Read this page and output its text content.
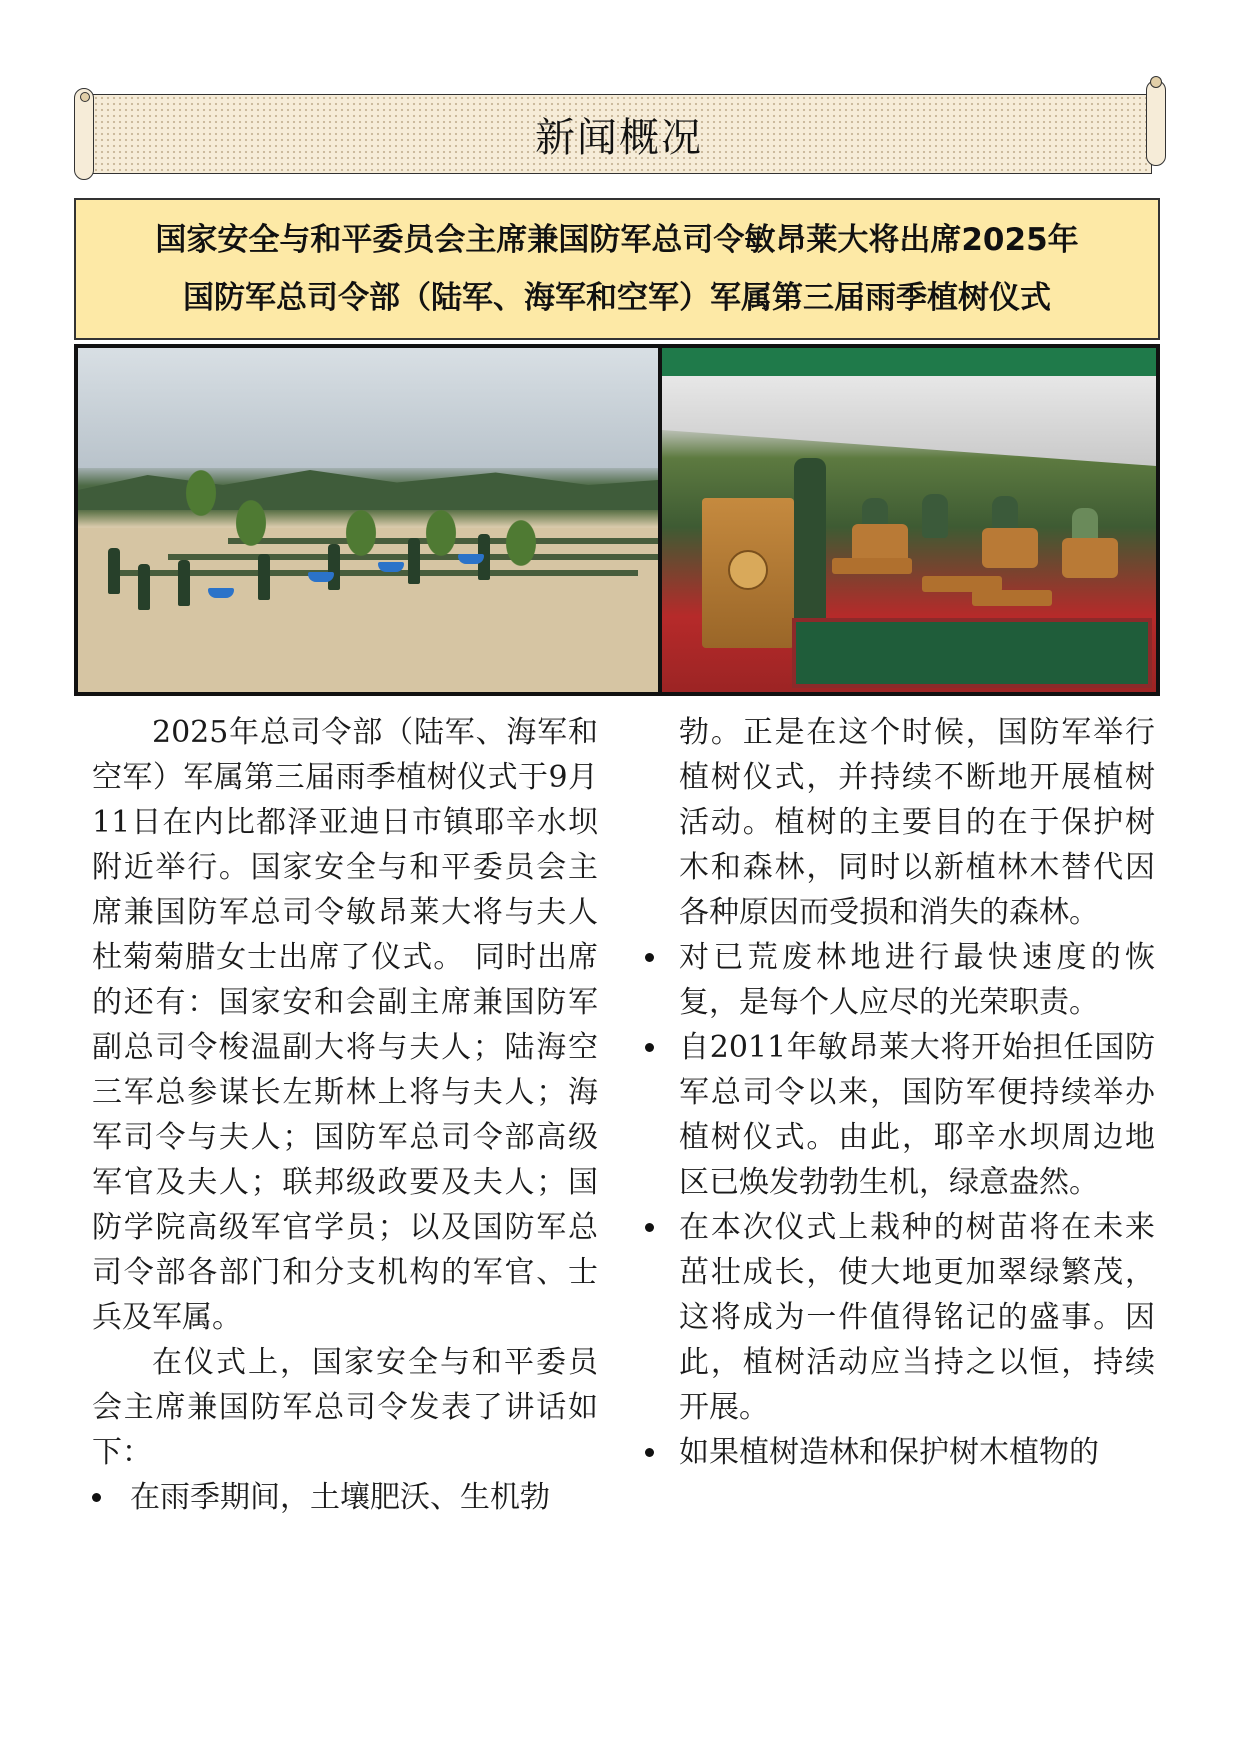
新闻概况
国家安全与和平委员会主席兼国防军总司令敏昂莱大将出席2025年
国防军总司令部（陆军、海军和空军）军属第三届雨季植树仪式

2025年总司令部（陆军、海军和空军）军属第三届雨季植树仪式于9月11日在内比都泽亚迪日市镇耶辛水坝附近举行。国家安全与和平委员会主席兼国防军总司令敏昂莱大将与夫人杜菊菊腊女士出席了仪式。 同时出席的还有：国家安和会副主席兼国防军副总司令梭温副大将与夫人；陆海空三军总参谋长左斯林上将与夫人；海军司令与夫人；国防军总司令部高级军官及夫人；联邦级政要及夫人；国防学院高级军官学员；以及国防军总司令部各部门和分支机构的军官、士兵及军属。

在仪式上，国家安全与和平委员会主席兼国防军总司令发表了讲话如下：

在雨季期间，土壤肥沃、生机勃

勃。正是在这个时候，国防军举行植树仪式，并持续不断地开展植树活动。植树的主要目的在于保护树木和森林，同时以新植林木替代因各种原因而受损和消失的森林。

对已荒废林地进行最快速度的恢复，是每个人应尽的光荣职责。
自2011年敏昂莱大将开始担任国防军总司令以来，国防军便持续举办植树仪式。由此，耶辛水坝周边地区已焕发勃勃生机，绿意盎然。
在本次仪式上栽种的树苗将在未来茁壮成长，使大地更加翠绿繁茂，这将成为一件值得铭记的盛事。因此，植树活动应当持之以恒，持续开展。
如果植树造林和保护树木植物的
